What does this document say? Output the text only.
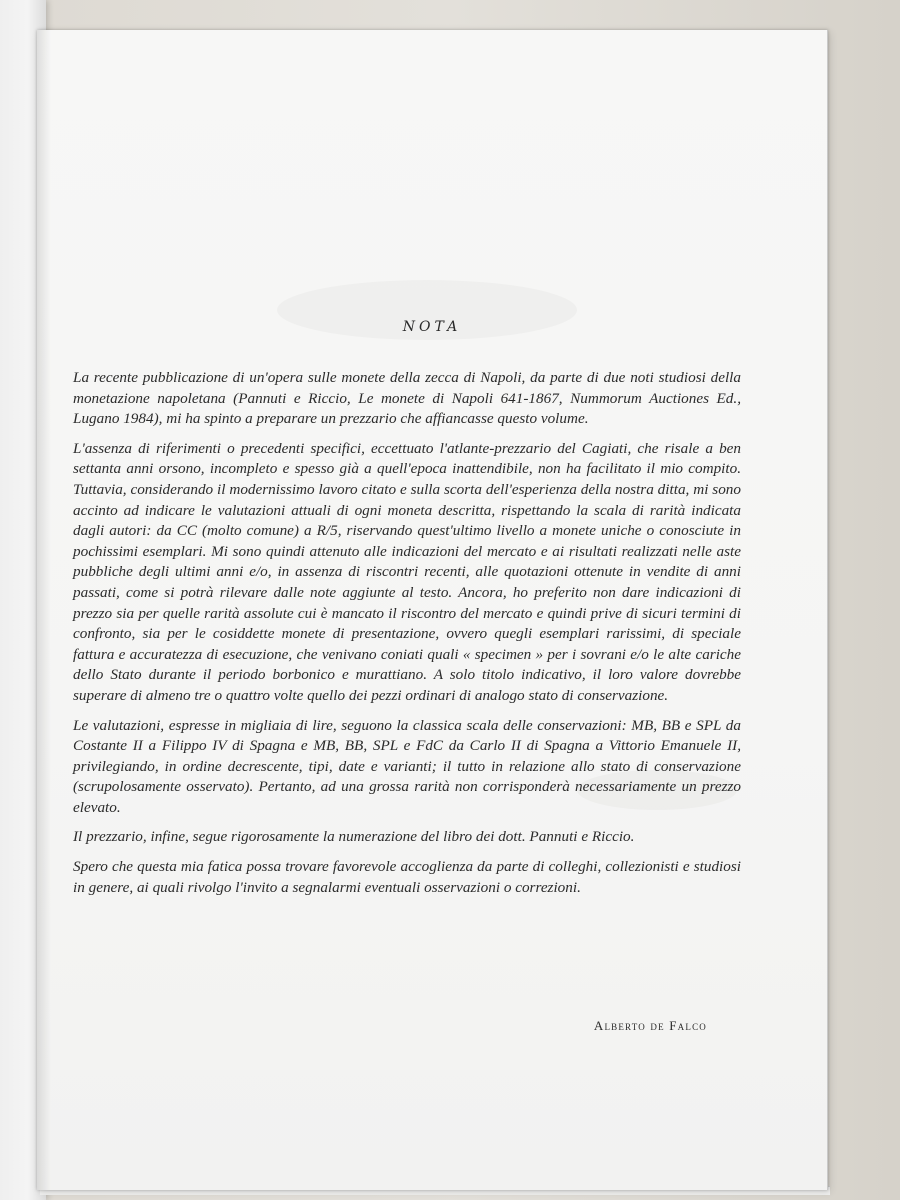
NOTA

La recente pubblicazione di un'opera sulle monete della zecca di Napoli, da parte di due noti studiosi della monetazione napoletana (Pannuti e Riccio, Le monete di Napoli 641-1867, Nummorum Auctiones Ed., Lugano 1984), mi ha spinto a preparare un prezzario che affiancasse questo volume.

L'assenza di riferimenti o precedenti specifici, eccettuato l'atlante-prezzario del Cagiati, che risale a ben settanta anni orsono, incompleto e spesso già a quell'epoca inattendibile, non ha facilitato il mio compito. Tuttavia, considerando il modernissimo lavoro citato e sulla scorta dell'esperienza della nostra ditta, mi sono accinto ad indicare le valutazioni attuali di ogni moneta descritta, rispettando la scala di rarità indicata dagli autori: da CC (molto comune) a R/5, riservando quest'ultimo livello a monete uniche o conosciute in pochissimi esemplari. Mi sono quindi attenuto alle indicazioni del mercato e ai risultati realizzati nelle aste pubbliche degli ultimi anni e/o, in assenza di riscontri recenti, alle quotazioni ottenute in vendite di anni passati, come si potrà rilevare dalle note aggiunte al testo. Ancora, ho preferito non dare indicazioni di prezzo sia per quelle rarità assolute cui è mancato il riscontro del mercato e quindi prive di sicuri termini di confronto, sia per le cosiddette monete di presentazione, ovvero quegli esemplari rarissimi, di speciale fattura e accuratezza di esecuzione, che venivano coniati quali « specimen » per i sovrani e/o le alte cariche dello Stato durante il periodo borbonico e murattiano. A solo titolo indicativo, il loro valore dovrebbe superare di almeno tre o quattro volte quello dei pezzi ordinari di analogo stato di conservazione.

Le valutazioni, espresse in migliaia di lire, seguono la classica scala delle conservazioni: MB, BB e SPL da Costante II a Filippo IV di Spagna e MB, BB, SPL e FdC da Carlo II di Spagna a Vittorio Emanuele II, privilegiando, in ordine decrescente, tipi, date e varianti; il tutto in relazione allo stato di conservazione (scrupolosamente osservato). Pertanto, ad una grossa rarità non corrisponderà necessariamente un prezzo elevato.

Il prezzario, infine, segue rigorosamente la numerazione del libro dei dott. Pannuti e Riccio.

Spero che questa mia fatica possa trovare favorevole accoglienza da parte di colleghi, collezionisti e studiosi in genere, ai quali rivolgo l'invito a segnalarmi eventuali osservazioni o correzioni.

Alberto de Falco
